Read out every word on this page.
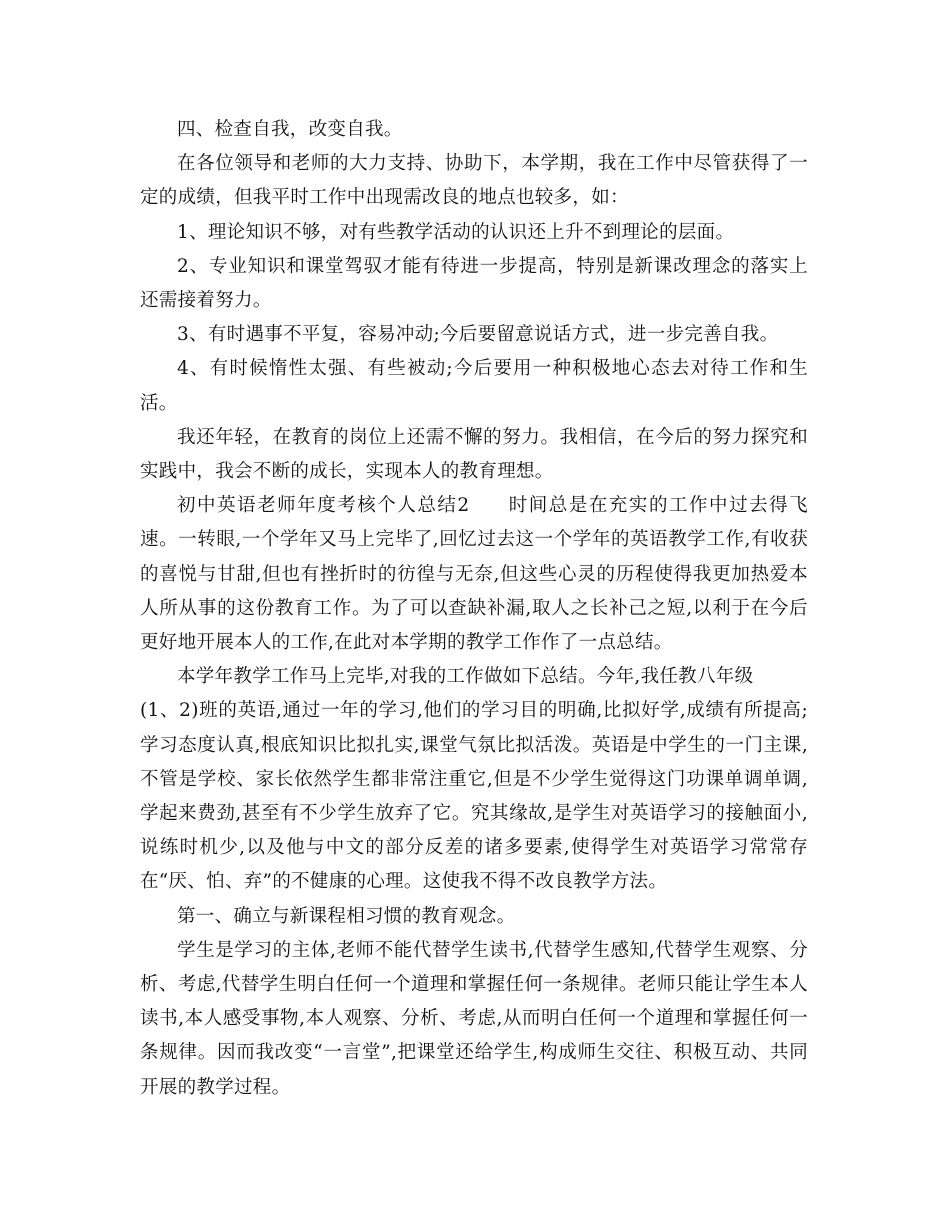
四、检查自我，改变自我。

在各位领导和老师的大力支持、协助下，本学期，我在工作中尽管获得了一定的成绩，但我平时工作中出现需改良的地点也较多，如：

1、理论知识不够，对有些教学活动的认识还上升不到理论的层面。

2、专业知识和课堂驾驭才能有待进一步提高，特别是新课改理念的落实上还需接着努力。

3、有时遇事不平复，容易冲动;今后要留意说话方式，进一步完善自我。

4、有时候惰性太强、有些被动;今后要用一种积极地心态去对待工作和生活。

我还年轻，在教育的岗位上还需不懈的努力。我相信，在今后的努力探究和实践中，我会不断的成长，实现本人的教育理想。

初中英语老师年度考核个人总结2 时间总是在充实的工作中过去得飞速。一转眼,一个学年又马上完毕了,回忆过去这一个学年的英语教学工作,有收获的喜悦与甘甜,但也有挫折时的彷徨与无奈,但这些心灵的历程使得我更加热爱本人所从事的这份教育工作。为了可以查缺补漏,取人之长补己之短,以利于在今后更好地开展本人的工作,在此对本学期的教学工作作了一点总结。

本学年教学工作马上完毕,对我的工作做如下总结。今年,我任教八年级

(1、2)班的英语,通过一年的学习,他们的学习目的明确,比拟好学,成绩有所提高;学习态度认真,根底知识比拟扎实,课堂气氛比拟活泼。英语是中学生的一门主课,不管是学校、家长依然学生都非常注重它,但是不少学生觉得这门功课单调单调,学起来费劲,甚至有不少学生放弃了它。究其缘故,是学生对英语学习的接触面小,说练时机少,以及他与中文的部分反差的诸多要素,使得学生对英语学习常常存在“厌、怕、弃”的不健康的心理。这使我不得不改良教学方法。

第一、确立与新课程相习惯的教育观念。

学生是学习的主体,老师不能代替学生读书,代替学生感知,代替学生观察、分析、考虑,代替学生明白任何一个道理和掌握任何一条规律。老师只能让学生本人读书,本人感受事物,本人观察、分析、考虑,从而明白任何一个道理和掌握任何一条规律。因而我改变“一言堂”,把课堂还给学生,构成师生交往、积极互动、共同开展的教学过程。
